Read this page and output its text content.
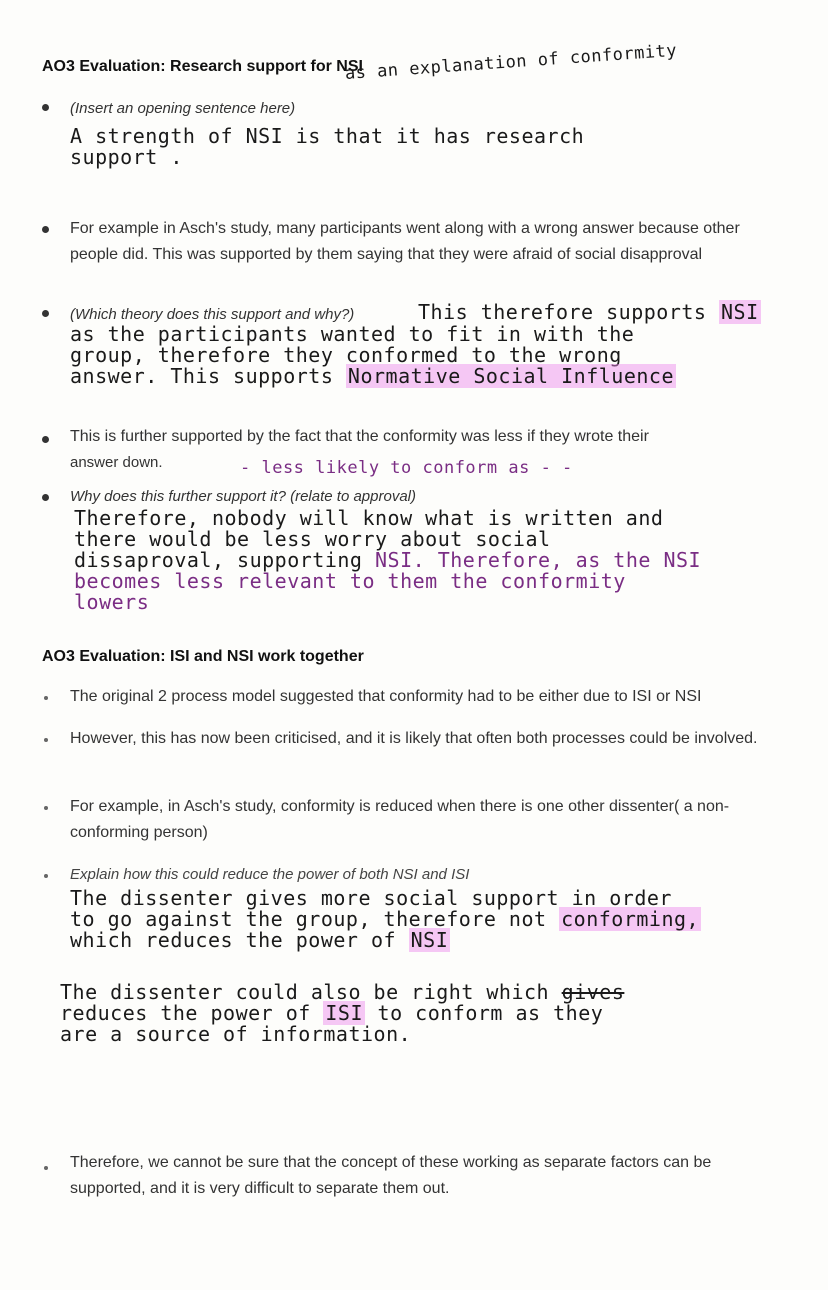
AO3 Evaluation: Research support for NSI
(Insert an opening sentence here)
as an explanation of conformity
A strength of NSI is that it has research
support .
For example in Asch's study, many participants went along with a wrong answer because other people did. This was supported by them saying that they were afraid of social disapproval
(Which theory does this support and why?)	This therefore supports NSI
as the participants wanted to fit in with the
group, therefore they conformed to the wrong
answer. This supports Normative Social Influence
This is further supported by the fact that the conformity was less if they wrote their
answer down.	- less likely to conform as - -
Why does this further support it? (relate to approval)
Therefore, nobody will know what is written and
there would be less worry about social
dissaproval, supporting NSI. Therefore, as the NSI
becomes less relevant to them the conformity
lowers
AO3 Evaluation: ISI and NSI work together
The original 2 process model suggested that conformity had to be either due to ISI or NSI
However, this has now been criticised, and it is likely that often both processes could be involved.
For example, in Asch's study, conformity is reduced when there is one other dissenter( a non-conforming person)
Explain how this could reduce the power of both NSI and ISI
The dissenter gives more social support in order
to go against the group, therefore not conforming,
which reduces the power of NSI
The dissenter could also be right which gives
reduces the power of ISI to conform as they
are a source of information.
Therefore, we cannot be sure that the concept of these working as separate factors can be supported, and it is very difficult to separate them out.
